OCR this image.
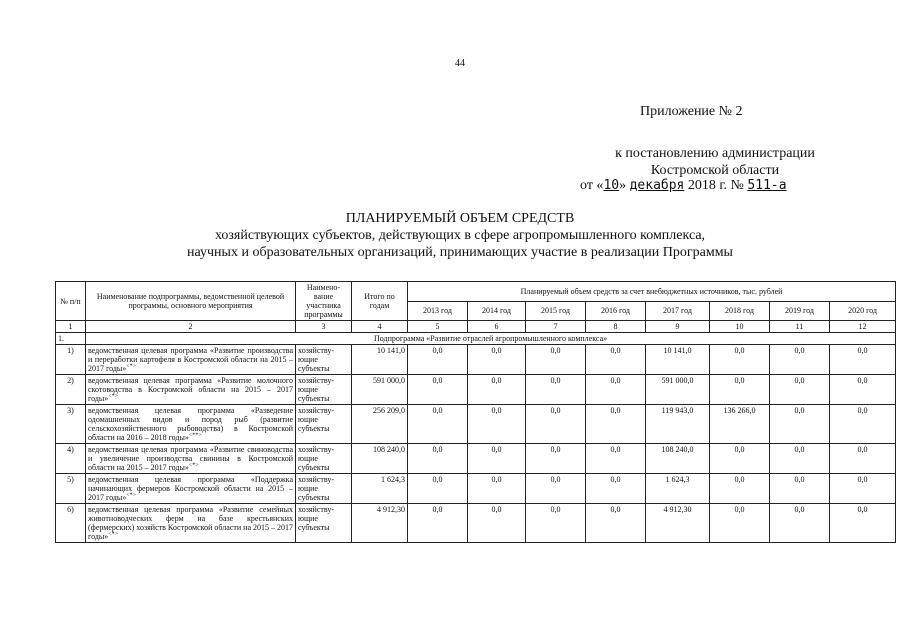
44
Приложение № 2
к постановлению администрации
Костромской области
от «10» декабря 2018 г. № 511-а
ПЛАНИРУЕМЫЙ ОБЪЕМ СРЕДСТВ
хозяйствующих субъектов, действующих в сфере агропромышленного комплекса,
научных и образовательных организаций, принимающих участие в реализации Программы
№ п/п	Наименование подпрограммы, ведомственной целевой программы, основного мероприятия	Наимено-вание участника программы	Итого по годам	Планируемый объем средств за счет внебюджетных источников, тыс. рублей							
				2013 год	2014 год	2015 год	2016 год	2017 год	2018 год	2019 год	2020 год
1	2	3	4	5	6	7	8	9	10	11	12
1.	Подпрограмма «Развитие отраслей агропромышленного комплекса»										
1)	ведомственная целевая программа «Развитие производства и переработки картофеля в Костромской области на 2015 – 2017 годы»<*>	хозяйству-ющие субъекты	10 141,0	0,0	0,0	0,0	0,0	10 141,0	0,0	0,0	0,0
2)	ведомственная целевая программа «Развитие молочного скотоводства в Костромской области на 2015 – 2017 годы»<*>	хозяйству-ющие субъекты	591 000,0	0,0	0,0	0,0	0,0	591 000,0	0,0	0,0	0,0
3)	ведомственная целевая программа «Разведение одомашненных видов и пород рыб (развитие сельскохозяйственного рыбоводства) в Костромской области на 2016 – 2018 годы»<**>	хозяйству-ющие субъекты	256 209,0	0,0	0,0	0,0	0,0	119 943,0	136 266,0	0,0	0,0
4)	ведомственная целевая программа «Развитие свиноводства и увеличение производства свинины в Костромской области на 2015 – 2017 годы»<*>	хозяйству-ющие субъекты	108 240,0	0,0	0,0	0,0	0,0	108 240,0	0,0	0,0	0,0
5)	ведомственная целевая программа «Поддержка начинающих фермеров Костромской области на 2015 – 2017 годы»<*>	хозяйству-ющие субъекты	1 624,3	0,0	0,0	0,0	0,0	1 624,3	0,0	0,0	0,0
6)	ведомственная целевая программа «Развитие семейных животноводческих ферм на базе крестьянских (фермерских) хозяйств Костромской области на 2015 – 2017 годы»<*>	хозяйству-ющие субъекты	4 912,30	0,0	0,0	0,0	0,0	4 912,30	0,0	0,0	0,0
